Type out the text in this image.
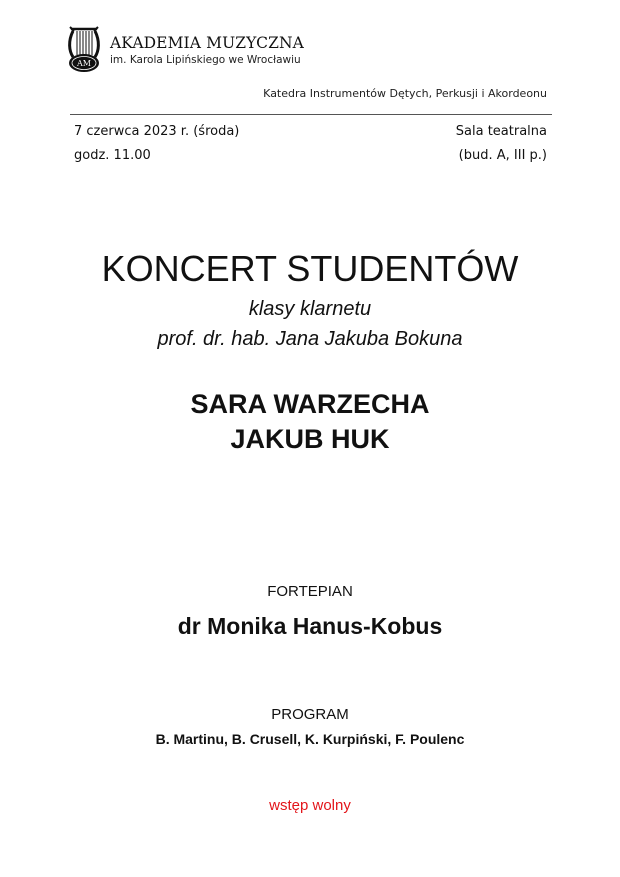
AM
AKADEMIA MUZYCZNA
im. Karola Lipińskiego we Wrocławiu
Katedra Instrumentów Dętych, Perkusji i Akordeonu
7 czerwca 2023 r. (środa)
godz. 11.00
Sala teatralna
(bud. A, III p.)
KONCERT STUDENTÓW
klasy klarnetu
prof. dr. hab. Jana Jakuba Bokuna
SARA WARZECHA
JAKUB HUK
FORTEPIAN
dr Monika Hanus-Kobus
PROGRAM
B. Martinu, B. Crusell, K. Kurpiński, F. Poulenc
wstęp wolny
